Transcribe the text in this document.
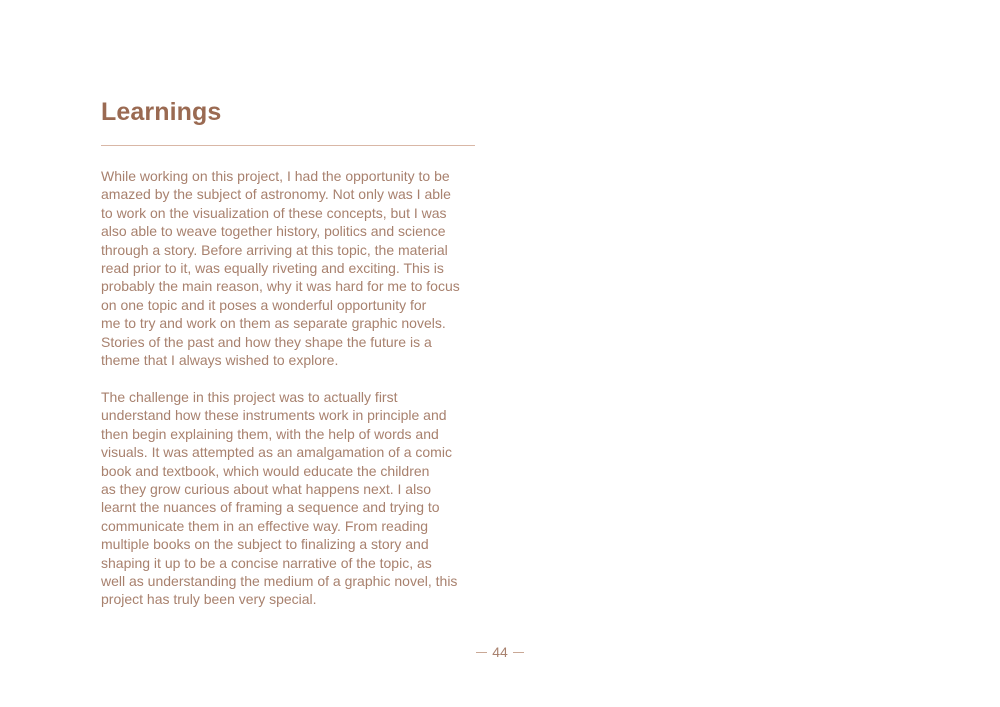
Learnings

While working on this project, I had the opportunity to be
amazed by the subject of astronomy. Not only was I able
to work on the visualization of these concepts, but I was
also able to weave together history, politics and science
through a story. Before arriving at this topic, the material
read prior to it, was equally riveting and exciting. This is
probably the main reason, why it was hard for me to focus
on one topic and it poses a wonderful opportunity for
me to try and work on them as separate graphic novels.
Stories of the past and how they shape the future is a
theme that I always wished to explore.

The challenge in this project was to actually first
understand how these instruments work in principle and
then begin explaining them, with the help of words and
visuals. It was attempted as an amalgamation of a comic
book and textbook, which would educate the children
as they grow curious about what happens next. I also
learnt the nuances of framing a sequence and trying to
communicate them in an effective way. From reading
multiple books on the subject to finalizing a story and
shaping it up to be a concise narrative of the topic, as
well as understanding the medium of a graphic novel, this
project has truly been very special.

44
